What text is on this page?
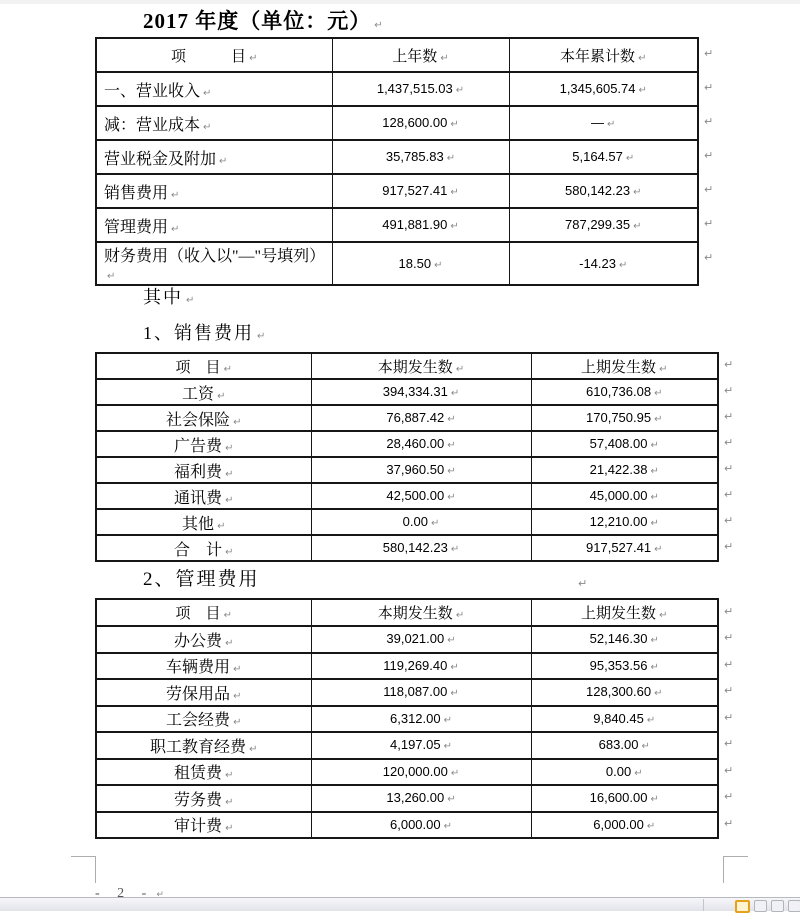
2017 年度（单位：元） ↵
项　　　目 ↵	上年数 ↵	本年累计数 ↵
一、营业收入 ↵	1,437,515.03 ↵	1,345,605.74 ↵
减：营业成本 ↵	128,600.00 ↵	— ↵
营业税金及附加 ↵	35,785.83 ↵	5,164.57 ↵
销售费用 ↵	917,527.41 ↵	580,142.23 ↵
管理费用 ↵	491,881.90 ↵	787,299.35 ↵
财务费用（收入以"—"号填列）↵	18.50 ↵	-14.23 ↵
↵
↵
↵
↵
↵
↵
↵
其中 ↵
1、销售费用 ↵
项　目 ↵	本期发生数 ↵	上期发生数 ↵
工资 ↵	394,334.31 ↵	610,736.08 ↵
社会保险 ↵	76,887.42 ↵	170,750.95 ↵
广告费 ↵	28,460.00 ↵	57,408.00 ↵
福利费 ↵	37,960.50 ↵	21,422.38 ↵
通讯费 ↵	42,500.00 ↵	45,000.00 ↵
其他 ↵	0.00 ↵	12,210.00 ↵
合　计 ↵	580,142.23 ↵	917,527.41 ↵
↵
↵
↵
↵
↵
↵
↵
↵
2、管理费用	↵
项　目 ↵	本期发生数 ↵	上期发生数 ↵
办公费 ↵	39,021.00 ↵	52,146.30 ↵
车辆费用 ↵	119,269.40 ↵	95,353.56 ↵
劳保用品 ↵	118,087.00 ↵	128,300.60 ↵
工会经费 ↵	6,312.00 ↵	9,840.45 ↵
职工教育经费 ↵	4,197.05 ↵	683.00 ↵
租赁费 ↵	120,000.00 ↵	0.00 ↵
劳务费 ↵	13,260.00 ↵	16,600.00 ↵
审计费 ↵	6,000.00 ↵	6,000.00 ↵
↵
↵
↵
↵
↵
↵
↵
↵
↵
- 2 - ↵
